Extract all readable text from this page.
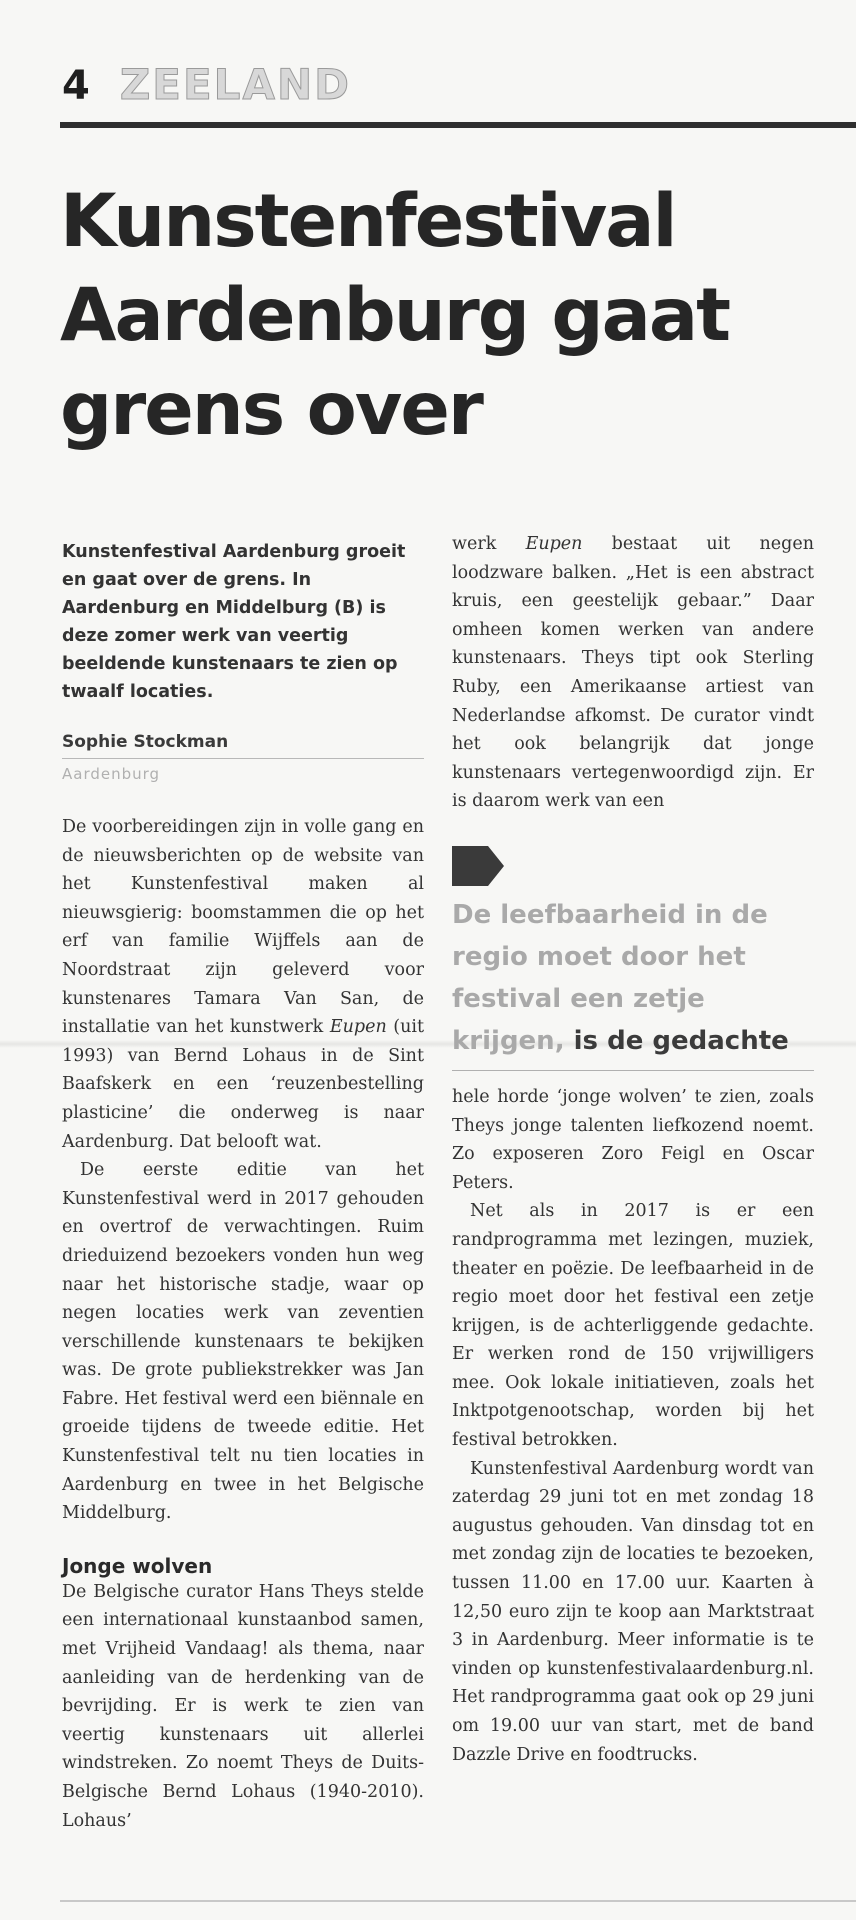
4 ZEELAND
Kunstenfestival Aardenburg gaat grens over

Kunstenfestival Aardenburg groeit en gaat over de grens. In Aardenburg en Middelburg (B) is deze zomer werk van veertig beeldende kunstenaars te zien op twaalf locaties.

Sophie Stockman
Aardenburg

De voorbereidingen zijn in volle gang en de nieuwsberichten op de website van het Kunstenfestival maken al nieuwsgierig: boomstammen die op het erf van familie Wijffels aan de Noordstraat zijn geleverd voor kunstenares Tamara Van San, de installatie van het kunstwerk Eupen (uit 1993) van Bernd Lohaus in de Sint Baafskerk en een ‘reuzenbestelling plasticine’ die onderweg is naar Aardenburg. Dat belooft wat.

De eerste editie van het Kunstenfestival werd in 2017 gehouden en overtrof de verwachtingen. Ruim drieduizend bezoekers vonden hun weg naar het historische stadje, waar op negen locaties werk van zeventien verschillende kunstenaars te bekijken was. De grote publiekstrekker was Jan Fabre. Het festival werd een biënnale en groeide tijdens de tweede editie. Het Kunstenfestival telt nu tien locaties in Aardenburg en twee in het Belgische Middelburg.

Jonge wolven

De Belgische curator Hans Theys stelde een internationaal kunstaanbod samen, met Vrijheid Vandaag! als thema, naar aanleiding van de herdenking van de bevrijding. Er is werk te zien van veertig kunstenaars uit allerlei windstreken. Zo noemt Theys de Duits-Belgische Bernd Lohaus (1940-2010). Lohaus’

werk Eupen bestaat uit negen loodzware balken. „Het is een abstract kruis, een geestelijk gebaar.” Daar omheen komen werken van andere kunstenaars. Theys tipt ook Sterling Ruby, een Amerikaanse artiest van Nederlandse afkomst. De curator vindt het ook belangrijk dat jonge kunstenaars vertegenwoordigd zijn. Er is daarom werk van een

De leefbaarheid in de regio moet door het festival een zetje krijgen, is de gedachte

hele horde ‘jonge wolven’ te zien, zoals Theys jonge talenten liefkozend noemt. Zo exposeren Zoro Feigl en Oscar Peters.

Net als in 2017 is er een randprogramma met lezingen, muziek, theater en poëzie. De leefbaarheid in de regio moet door het festival een zetje krijgen, is de achterliggende gedachte. Er werken rond de 150 vrijwilligers mee. Ook lokale initiatieven, zoals het Inktpotgenootschap, worden bij het festival betrokken.

Kunstenfestival Aardenburg wordt van zaterdag 29 juni tot en met zondag 18 augustus gehouden. Van dinsdag tot en met zondag zijn de locaties te bezoeken, tussen 11.00 en 17.00 uur. Kaarten à 12,50 euro zijn te koop aan Marktstraat 3 in Aardenburg. Meer informatie is te vinden op kunstenfestivalaardenburg.nl. Het randprogramma gaat ook op 29 juni om 19.00 uur van start, met de band Dazzle Drive en foodtrucks.
